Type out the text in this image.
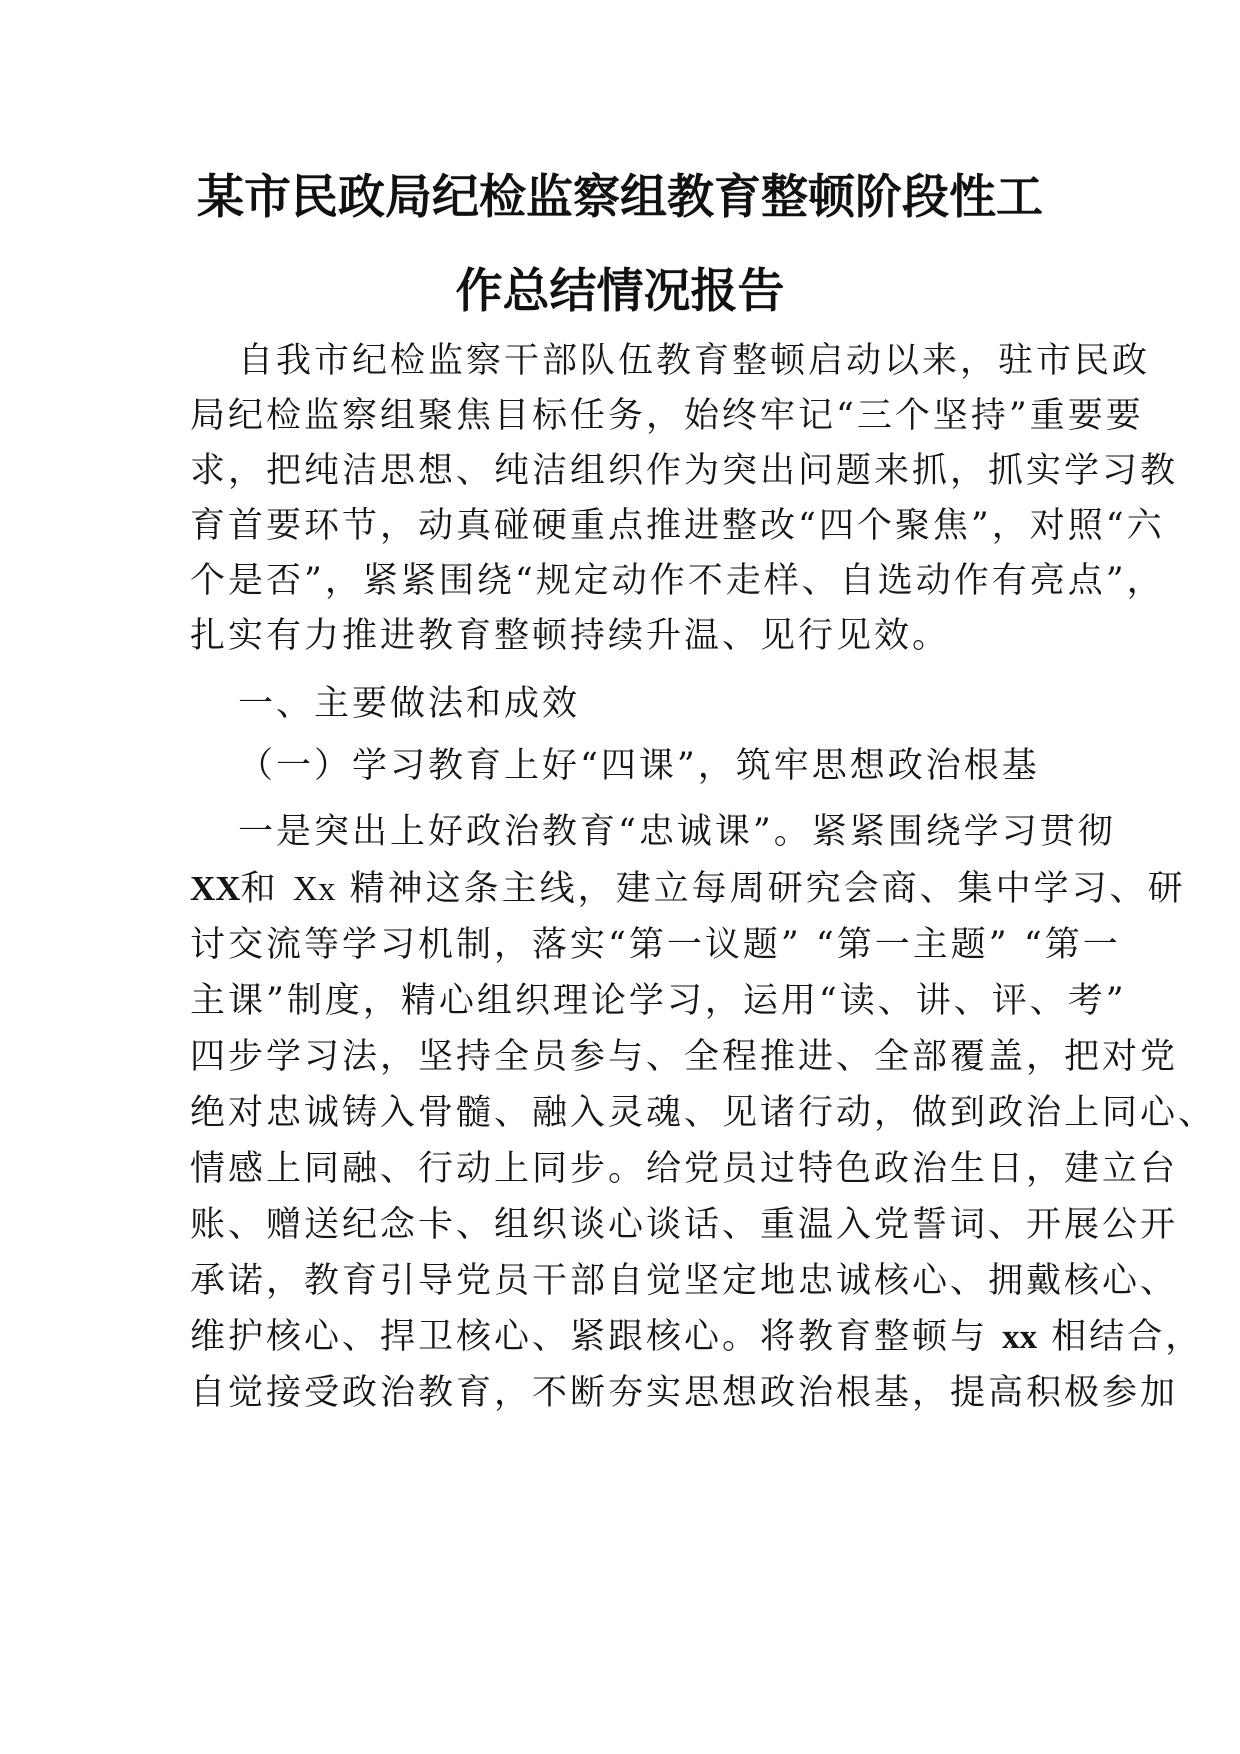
某市民政局纪检监察组教育整顿阶段性工
作总结情况报告
自我市纪检监察干部队伍教育整顿启动以来，驻市民政
局纪检监察组聚焦目标任务，始终牢记“三个坚持”重要要
求，把纯洁思想、纯洁组织作为突出问题来抓，抓实学习教
育首要环节，动真碰硬重点推进整改“四个聚焦”，对照“六
个是否”，紧紧围绕“规定动作不走样、自选动作有亮点”，
扎实有力推进教育整顿持续升温、见行见效。
一、主要做法和成效
（一）学习教育上好“四课”，筑牢思想政治根基
一是突出上好政治教育“忠诚课”。紧紧围绕学习贯彻
XX和 Xx 精神这条主线，建立每周研究会商、集中学习、研
讨交流等学习机制，落实“第一议题” “第一主题” “第一
主课”制度，精心组织理论学习，运用“读、讲、评、考”
四步学习法，坚持全员参与、全程推进、全部覆盖，把对党
绝对忠诚铸入骨髓、融入灵魂、见诸行动，做到政治上同心、
情感上同融、行动上同步。给党员过特色政治生日，建立台
账、赠送纪念卡、组织谈心谈话、重温入党誓词、开展公开
承诺，教育引导党员干部自觉坚定地忠诚核心、拥戴核心、
维护核心、捍卫核心、紧跟核心。将教育整顿与 xx 相结合，
自觉接受政治教育，不断夯实思想政治根基，提高积极参加
